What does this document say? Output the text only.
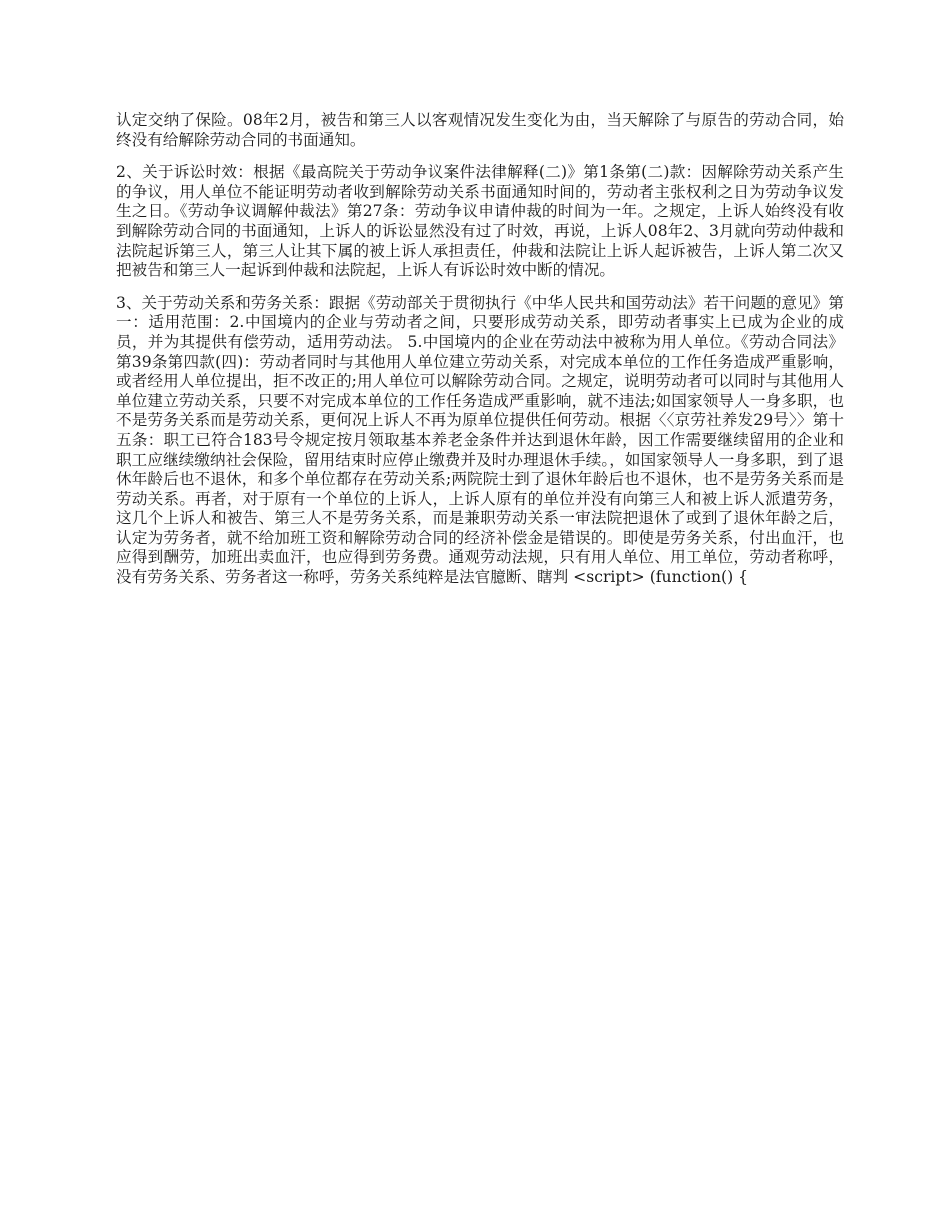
认定交纳了保险。08年2月，被告和第三人以客观情况发生变化为由，当天解除了与原告的劳动合同，始终没有给解除劳动合同的书面通知。

2、关于诉讼时效：根据《最高院关于劳动争议案件法律解释(二)》第1条第(二)款：因解除劳动关系产生的争议，用人单位不能证明劳动者收到解除劳动关系书面通知时间的，劳动者主张权利之日为劳动争议发生之日。《劳动争议调解仲裁法》第27条：劳动争议申请仲裁的时间为一年。之规定，上诉人始终没有收到解除劳动合同的书面通知，上诉人的诉讼显然没有过了时效，再说，上诉人08年2、3月就向劳动仲裁和法院起诉第三人，第三人让其下属的被上诉人承担责任，仲裁和法院让上诉人起诉被告，上诉人第二次又把被告和第三人一起诉到仲裁和法院起，上诉人有诉讼时效中断的情况。

3、关于劳动关系和劳务关系：跟据《劳动部关于贯彻执行《中华人民共和国劳动法》若干问题的意见》第一：适用范围：2.中国境内的企业与劳动者之间，只要形成劳动关系，即劳动者事实上已成为企业的成员，并为其提供有偿劳动，适用劳动法。 5.中国境内的企业在劳动法中被称为用人单位。《劳动合同法》第39条第四款(四)：劳动者同时与其他用人单位建立劳动关系，对完成本单位的工作任务造成严重影响，或者经用人单位提出，拒不改正的;用人单位可以解除劳动合同。之规定，说明劳动者可以同时与其他用人单位建立劳动关系，只要不对完成本单位的工作任务造成严重影响，就不违法;如国家领导人一身多职，也不是劳务关系而是劳动关系，更何况上诉人不再为原单位提供任何劳动。根据〈〈京劳社养发29号〉〉第十五条：职工已符合183号令规定按月领取基本养老金条件并达到退休年龄，因工作需要继续留用的企业和职工应继续缴纳社会保险，留用结束时应停止缴费并及时办理退休手续。，如国家领导人一身多职，到了退休年龄后也不退休，和多个单位都存在劳动关系;两院院士到了退休年龄后也不退休，也不是劳务关系而是劳动关系。再者，对于原有一个单位的上诉人，上诉人原有的单位并没有向第三人和被上诉人派遣劳务，这几个上诉人和被告、第三人不是劳务关系，而是兼职劳动关系一审法院把退休了或到了退休年龄之后，认定为劳务者，就不给加班工资和解除劳动合同的经济补偿金是错误的。即使是劳务关系，付出血汗，也应得到酬劳，加班出卖血汗，也应得到劳务费。通观劳动法规，只有用人单位、用工单位，劳动者称呼，没有劳务关系、劳务者这一称呼，劳务关系纯粹是法官臆断、瞎判 <script> (function() {
